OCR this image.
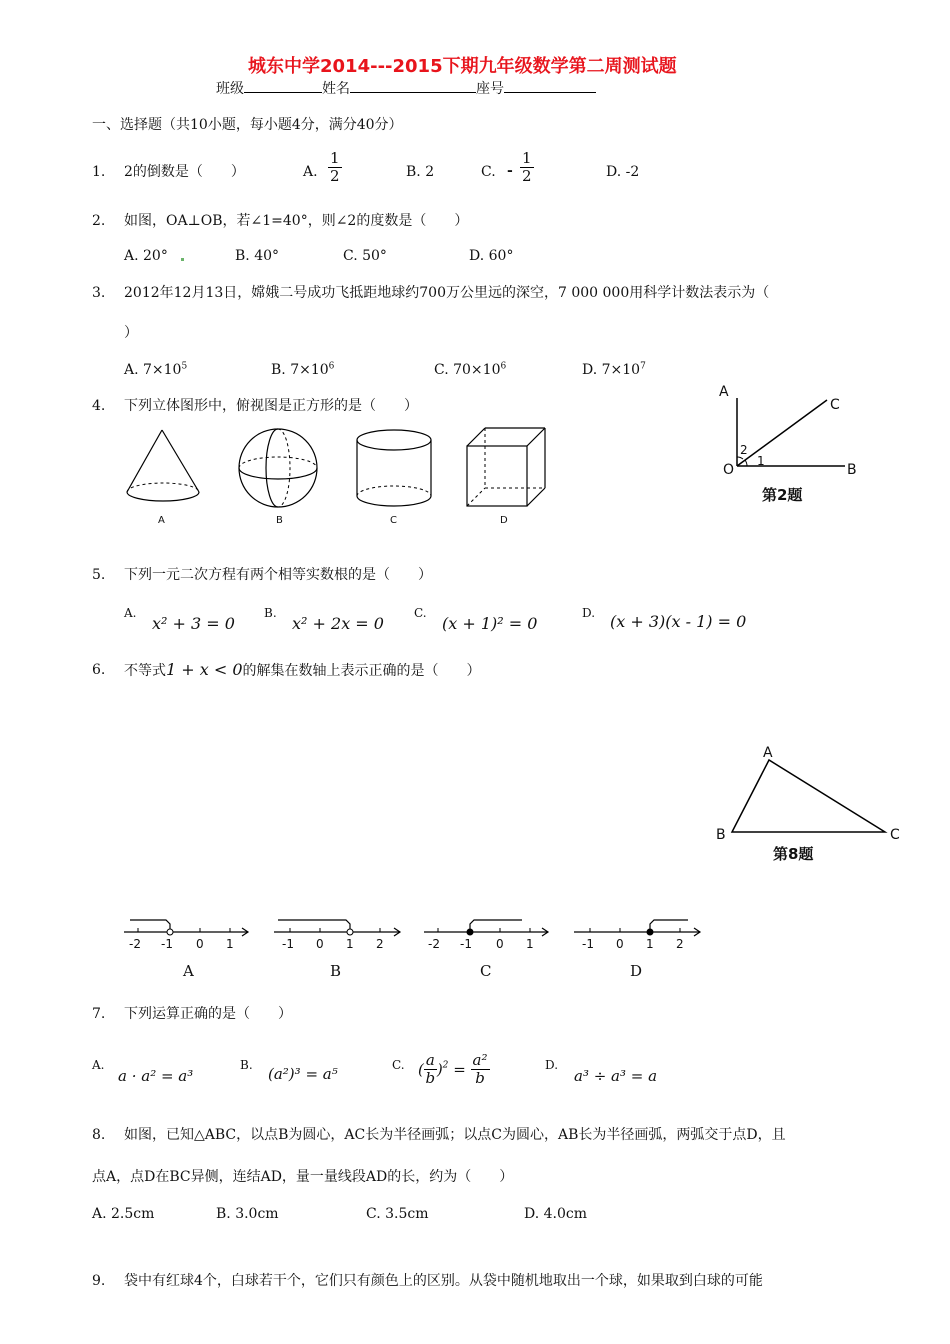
城东中学2014---2015下期九年级数学第二周测试题
班级	姓名	座号
一、选择题（共10小题，每小题4分，满分40分）
1. 2的倒数是（　　）	A. $\frac{1}{2}$	B. 2	C. - $\frac{1}{2}$	D. -2
2. 如图，OA⊥OB，若∠1=40°，则∠2的度数是（　　）
A. 20°	B. 40°	C. 50°	D. 60°
3. 2012年12月13日，嫦娥二号成功飞抵距地球约700万公里远的深空，7 000 000用科学计数法表示为（
）
A. $7\times 10^5$	B. $7\times 10^6$	C. $70\times 10^6$	D. $7\times 10^7$
4. 下列立体图形中，俯视图是正方形的是（　　）
A	B	C	D
A
C
O	B
2
1
第2题
5. 下列一元二次方程有两个相等实数根的是（　　）
A.
x² + 3 = 0
B.
x² + 2x = 0
C.
(x + 1)² = 0
D. (x + 3)(x - 1) = 0
6. 不等式1 + x < 0的解集在数轴上表示正确的是（　　）
A
B	C
第8题
-2 -1 0 1	-1 0 1 2	-2 -1 0 1	-1 0 1 2
A	B	C	D
7. 下列运算正确的是（　　）
A.
a · a² = a³
B. (a²)³ = a⁵	C. ( $\frac{a}{b} )^2 = \frac{\text{a²}}{b}$	D.
a³ ÷ a³ = a
8. 如图，已知△ABC，以点B为圆心，AC长为半径画弧；以点C为圆心，AB长为半径画弧，两弧交于点D，且
点A，点D在BC异侧，连结AD，量一量线段AD的长，约为（　　）
A. 2.5cm	B. 3.0cm	C. 3.5cm	D. 4.0cm
9. 袋中有红球4个，白球若干个，它们只有颜色上的区别。从袋中随机地取出一个球，如果取到白球的可能
